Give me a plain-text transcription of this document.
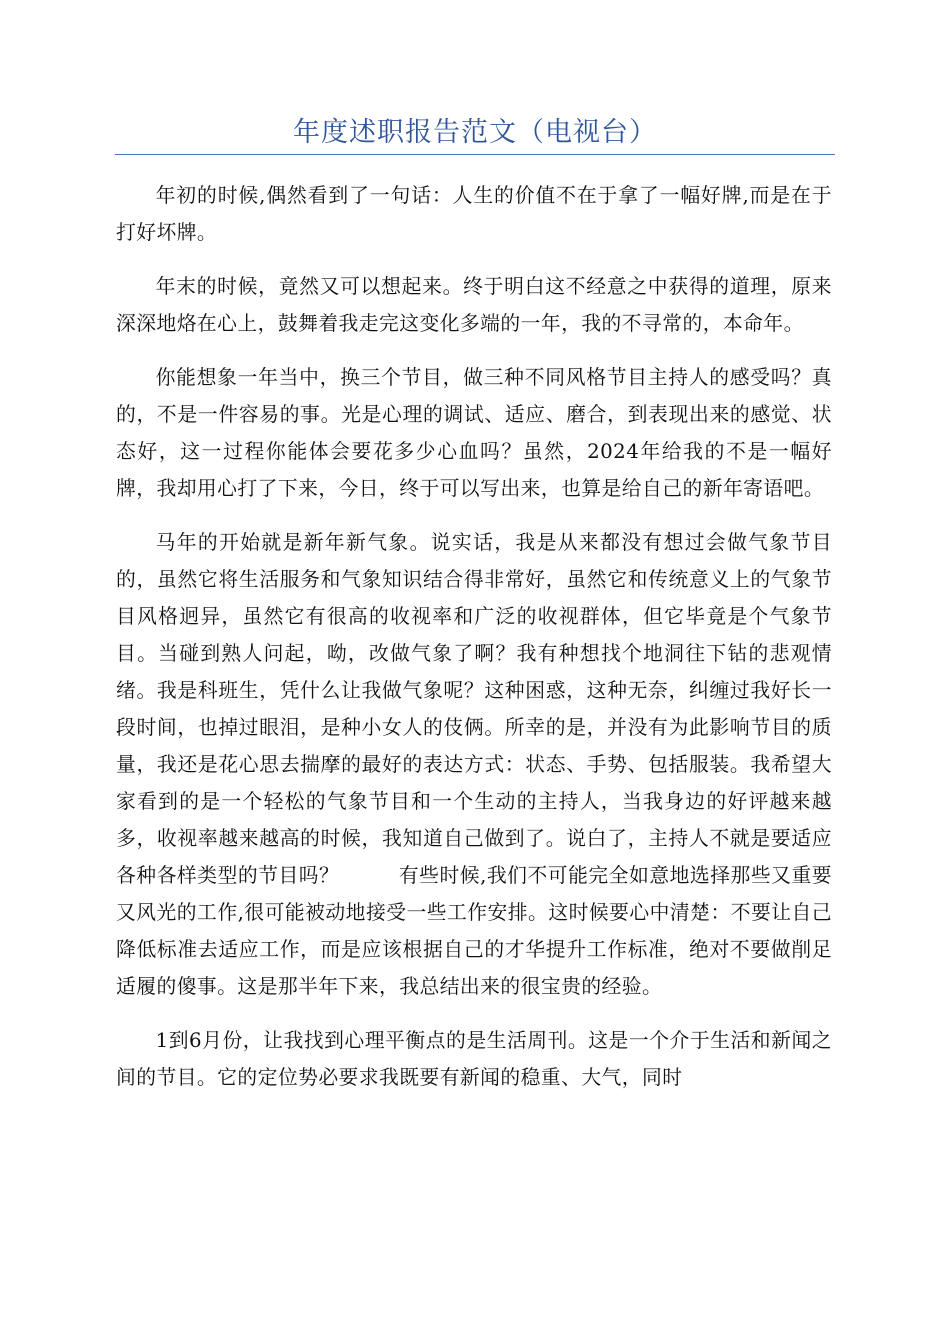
年度述职报告范文（电视台）

年初的时候,偶然看到了一句话：人生的价值不在于拿了一幅好牌,而是在于打好坏牌。

年末的时候，竟然又可以想起来。终于明白这不经意之中获得的道理，原来深深地烙在心上，鼓舞着我走完这变化多端的一年，我的不寻常的，本命年。

你能想象一年当中，换三个节目，做三种不同风格节目主持人的感受吗？真的，不是一件容易的事。光是心理的调试、适应、磨合，到表现出来的感觉、状态好，这一过程你能体会要花多少心血吗？虽然，2024年给我的不是一幅好牌，我却用心打了下来，今日，终于可以写出来，也算是给自己的新年寄语吧。

马年的开始就是新年新气象。说实话，我是从来都没有想过会做气象节目的，虽然它将生活服务和气象知识结合得非常好，虽然它和传统意义上的气象节目风格迥异，虽然它有很高的收视率和广泛的收视群体，但它毕竟是个气象节目。当碰到熟人问起，呦，改做气象了啊？我有种想找个地洞往下钻的悲观情绪。我是科班生，凭什么让我做气象呢？这种困惑，这种无奈，纠缠过我好长一段时间，也掉过眼泪，是种小女人的伎俩。所幸的是，并没有为此影响节目的质量，我还是花心思去揣摩的最好的表达方式：状态、手势、包括服装。我希望大家看到的是一个轻松的气象节目和一个生动的主持人，当我身边的好评越来越多，收视率越来越高的时候，我知道自己做到了。说白了，主持人不就是要适应各种各样类型的节目吗？	有些时候,我们不可能完全如意地选择那些又重要又风光的工作,很可能被动地接受一些工作安排。这时候要心中清楚：不要让自己降低标准去适应工作，而是应该根据自己的才华提升工作标准，绝对不要做削足适履的傻事。这是那半年下来，我总结出来的很宝贵的经验。

1到6月份，让我找到心理平衡点的是生活周刊。这是一个介于生活和新闻之间的节目。它的定位势必要求我既要有新闻的稳重、大气，同时
